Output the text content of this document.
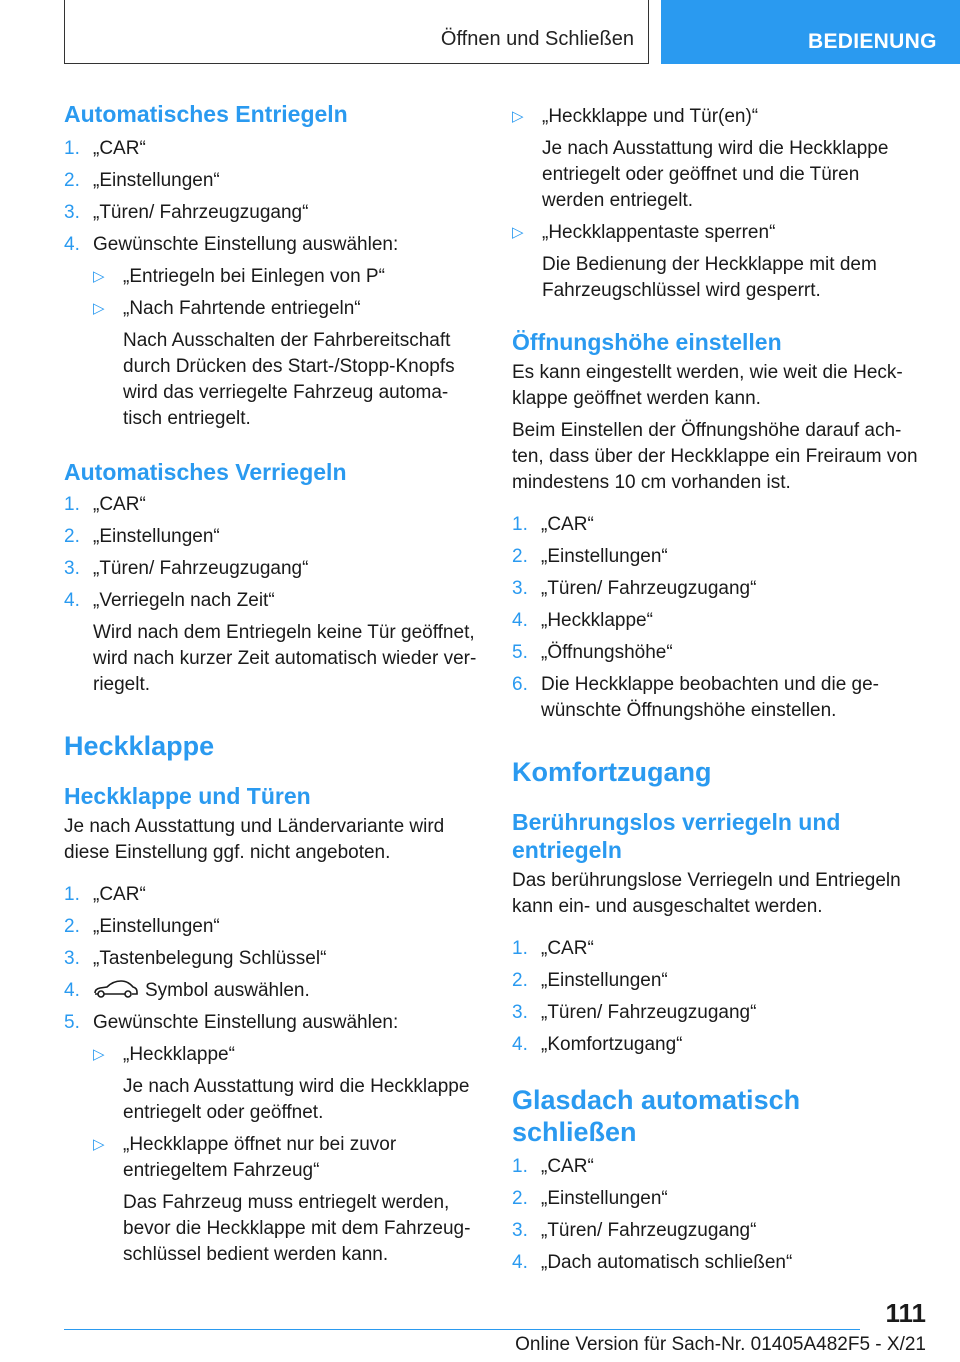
Öffnen und Schließen	BEDIENUNG
Automatisches Entriegeln
1. „CAR“
2. „Einstellungen“
3. „Türen/ Fahrzeugzugang“
4. Gewünschte Einstellung auswählen:
▷ „Entriegeln bei Einlegen von P“
▷ „Nach Fahrtende entriegeln“
Nach Ausschalten der Fahrbereitschaft
durch Drücken des Start-/Stopp-Knopfs
wird das verriegelte Fahrzeug automa-
tisch entriegelt.
Automatisches Verriegeln
1. „CAR“
2. „Einstellungen“
3. „Türen/ Fahrzeugzugang“
4. „Verriegeln nach Zeit“
Wird nach dem Entriegeln keine Tür geöffnet,
wird nach kurzer Zeit automatisch wieder ver-
riegelt.
Heckklappe
Heckklappe und Türen
Je nach Ausstattung und Ländervariante wird
diese Einstellung ggf. nicht angeboten.
1. „CAR“
2. „Einstellungen“
3. „Tastenbelegung Schlüssel“
4.	Symbol auswählen.
5. Gewünschte Einstellung auswählen:
▷ „Heckklappe“
Je nach Ausstattung wird die Heckklappe
entriegelt oder geöffnet.
▷ „Heckklappe öffnet nur bei zuvor
entriegeltem Fahrzeug“
Das Fahrzeug muss entriegelt werden,
bevor die Heckklappe mit dem Fahrzeug-
schlüssel bedient werden kann.
▷ „Heckklappe und Tür(en)“
Je nach Ausstattung wird die Heckklappe
entriegelt oder geöffnet und die Türen
werden entriegelt.
▷ „Heckklappentaste sperren“
Die Bedienung der Heckklappe mit dem
Fahrzeugschlüssel wird gesperrt.
Öffnungshöhe einstellen
Es kann eingestellt werden, wie weit die Heck-
klappe geöffnet werden kann.
Beim Einstellen der Öffnungshöhe darauf ach-
ten, dass über der Heckklappe ein Freiraum von
mindestens 10 cm vorhanden ist.
1. „CAR“
2. „Einstellungen“
3. „Türen/ Fahrzeugzugang“
4. „Heckklappe“
5. „Öffnungshöhe“
6. Die Heckklappe beobachten und die ge-
wünschte Öffnungshöhe einstellen.
Komfortzugang
Berührungslos verriegeln und
entriegeln
Das berührungslose Verriegeln und Entriegeln
kann ein- und ausgeschaltet werden.
1. „CAR“
2. „Einstellungen“
3. „Türen/ Fahrzeugzugang“
4. „Komfortzugang“
Glasdach automatisch schließen
1. „CAR“
2. „Einstellungen“
3. „Türen/ Fahrzeugzugang“
4. „Dach automatisch schließen“
111
Online Version für Sach-Nr. 01405A482F5 - X/21
